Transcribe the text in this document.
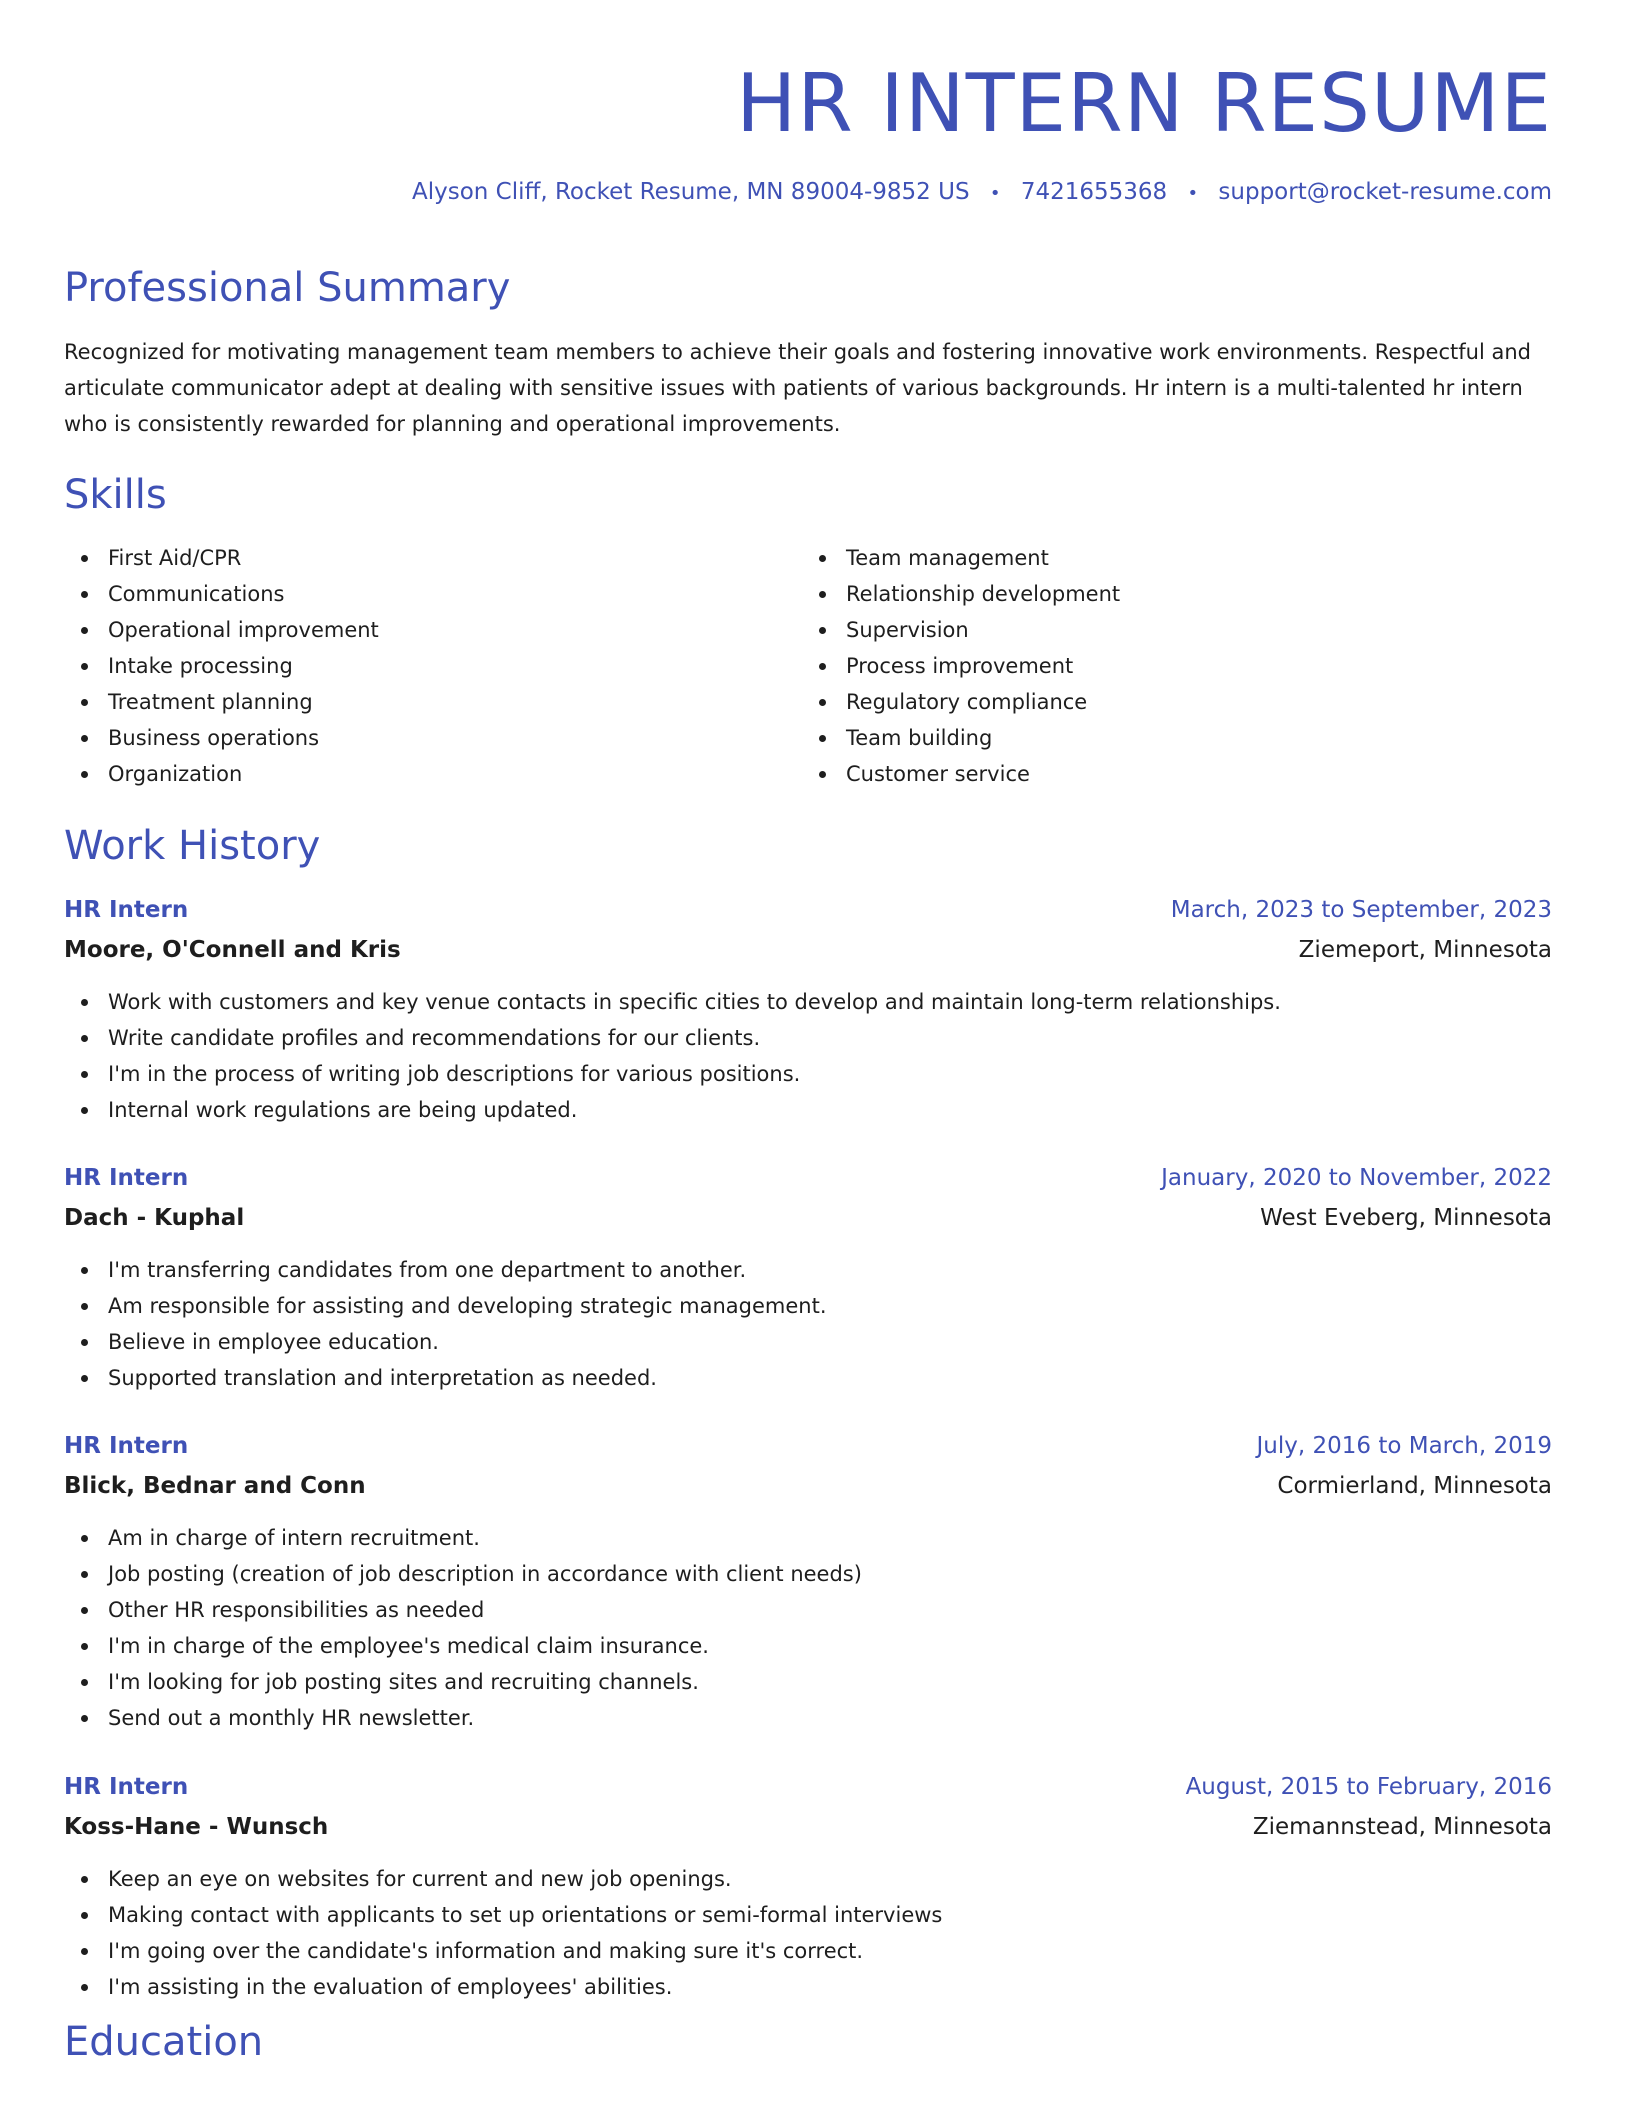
HR INTERN RESUME
Alyson Cliff, Rocket Resume, MN 89004-9852 US • 7421655368 • support@rocket-resume.com
Professional Summary

Recognized for motivating management team members to achieve their goals and fostering innovative work environments. Respectful and articulate communicator adept at dealing with sensitive issues with patients of various backgrounds. Hr intern is a multi-talented hr intern who is consistently rewarded for planning and operational improvements.

Skills
First Aid/CPR
Communications
Operational improvement
Intake processing
Treatment planning
Business operations
Organization
Team management
Relationship development
Supervision
Process improvement
Regulatory compliance
Team building
Customer service
Work History
HR Intern	March, 2023 to September, 2023
Moore, O'Connell and Kris	Ziemeport, Minnesota
Work with customers and key venue contacts in specific cities to develop and maintain long-term relationships.
Write candidate profiles and recommendations for our clients.
I'm in the process of writing job descriptions for various positions.
Internal work regulations are being updated.
HR Intern	January, 2020 to November, 2022
Dach - Kuphal	West Eveberg, Minnesota
I'm transferring candidates from one department to another.
Am responsible for assisting and developing strategic management.
Believe in employee education.
Supported translation and interpretation as needed.
HR Intern	July, 2016 to March, 2019
Blick, Bednar and Conn	Cormierland, Minnesota
Am in charge of intern recruitment.
Job posting (creation of job description in accordance with client needs)
Other HR responsibilities as needed
I'm in charge of the employee's medical claim insurance.
I'm looking for job posting sites and recruiting channels.
Send out a monthly HR newsletter.
HR Intern	August, 2015 to February, 2016
Koss-Hane - Wunsch	Ziemannstead, Minnesota
Keep an eye on websites for current and new job openings.
Making contact with applicants to set up orientations or semi-formal interviews
I'm going over the candidate's information and making sure it's correct.
I'm assisting in the evaluation of employees' abilities.
Education
